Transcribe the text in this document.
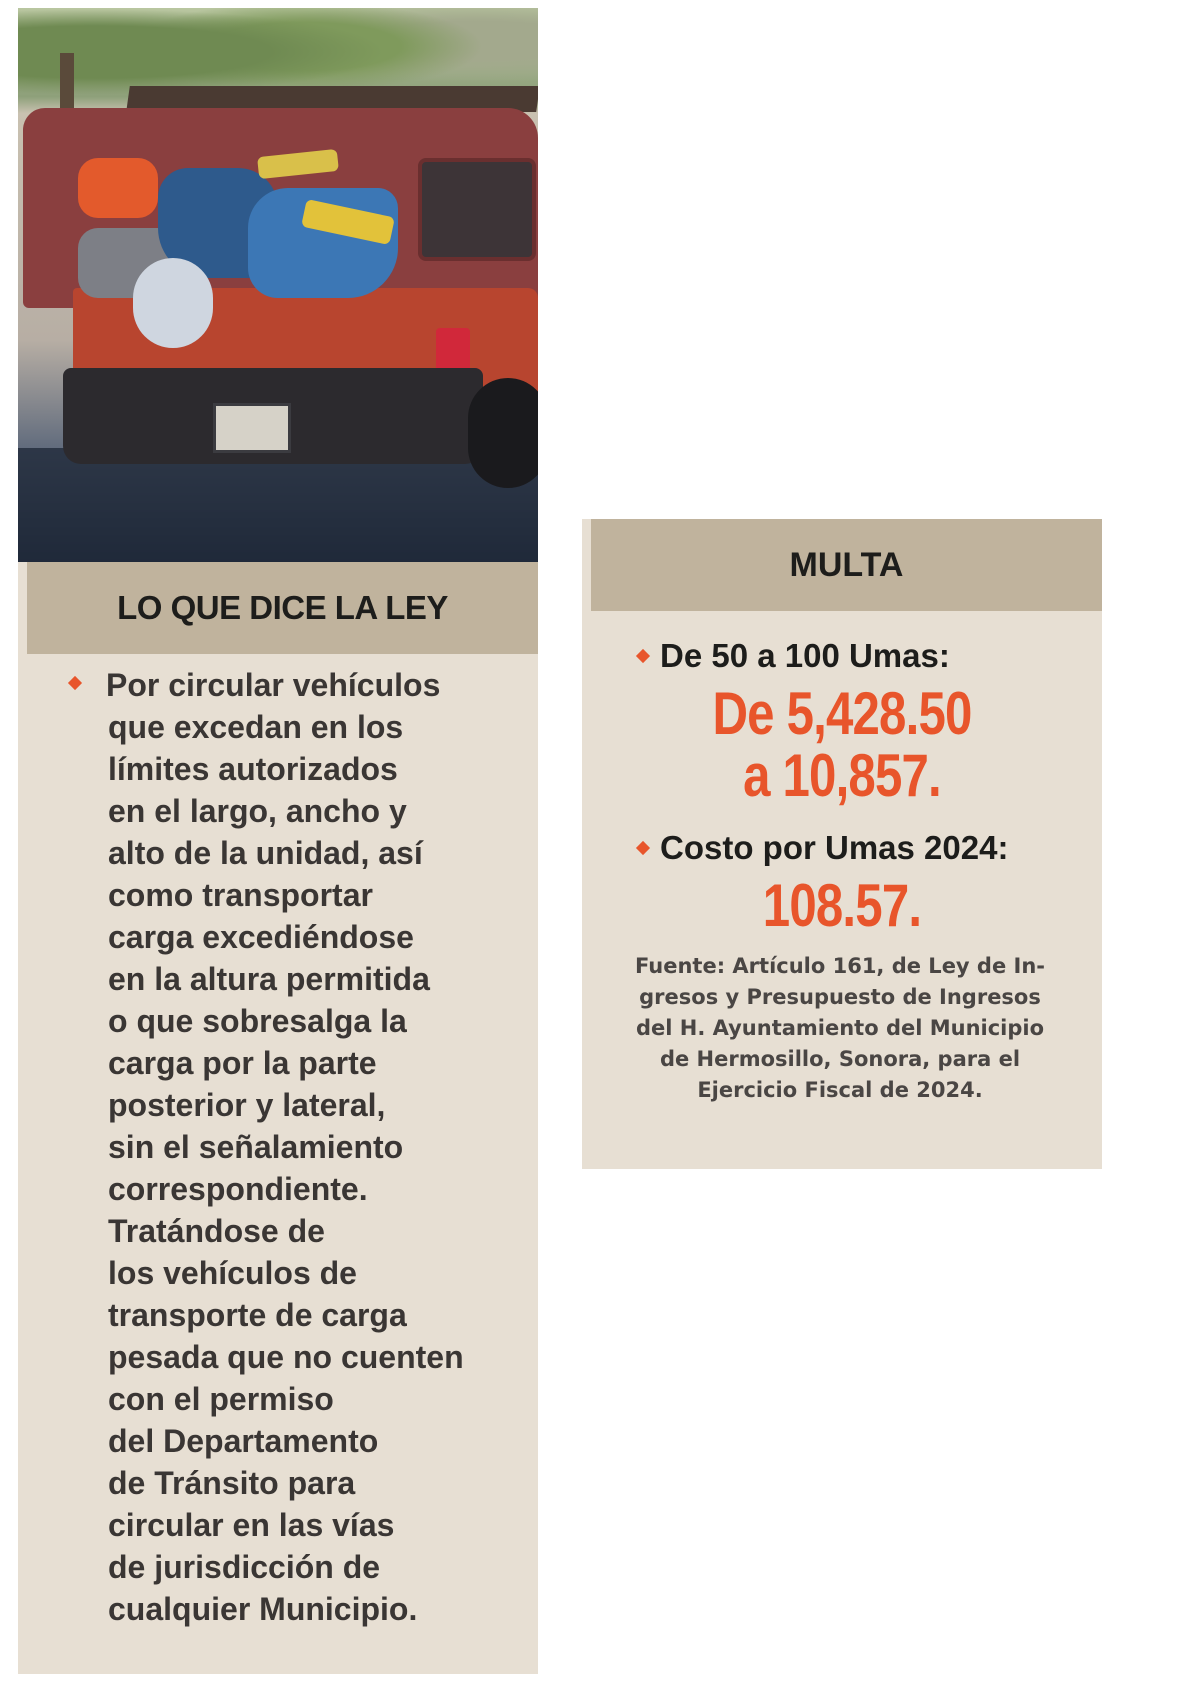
LO QUE DICE LA LEY
Por circular vehículos
que excedan en los
límites autorizados
en el largo, ancho y
alto de la unidad, así
como transportar
carga excediéndose
en la altura permitida
o que sobresalga la
carga por la parte
posterior y lateral,
sin el señalamiento
correspondiente.
Tratándose de
los vehículos de
transporte de carga
pesada que no cuenten
con el permiso
del Departamento
de Tránsito para
circular en las vías
de jurisdicción de
cualquier Municipio.
MULTA
De 50 a 100 Umas:
De 5,428.50
a 10,857.
Costo por Umas 2024:
108.57.
Fuente: Artículo 161, de Ley de In-
gresos y Presupuesto de Ingresos
del H. Ayuntamiento del Municipio
de Hermosillo, Sonora, para el
Ejercicio Fiscal de 2024.
